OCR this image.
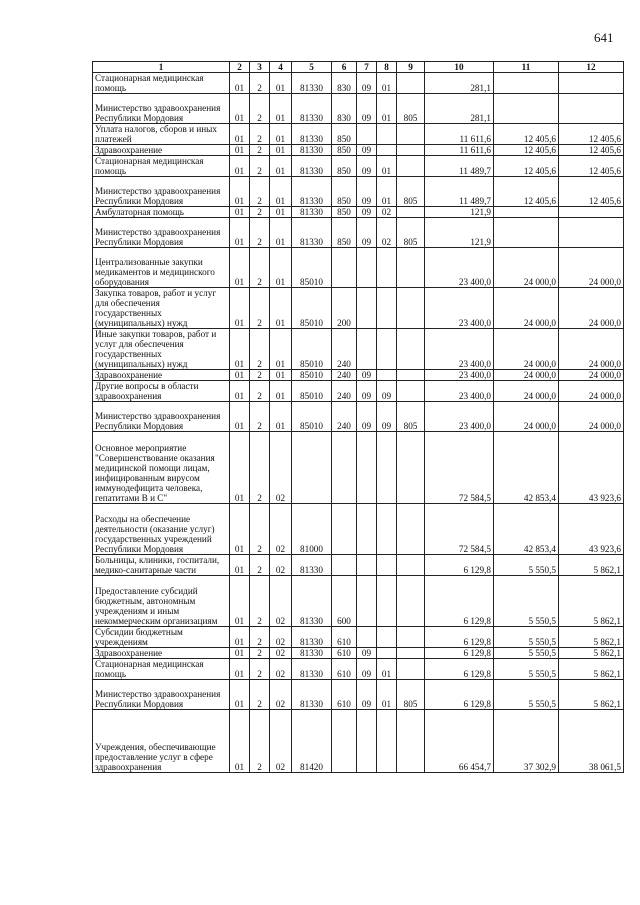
641
1	2	3	4	5	6	7	8	9	10	11	12
Стационарная медицинская помощь	01	2	01	81330	830	09	01		281,1		
Министерство здравоохранения Республики Мордовия	01	2	01	81330	830	09	01	805	281,1		
Уплата налогов, сборов и иных платежей	01	2	01	81330	850				11 611,6	12 405,6	12 405,6
Здравоохранение	01	2	01	81330	850	09			11 611,6	12 405,6	12 405,6
Стационарная медицинская помощь	01	2	01	81330	850	09	01		11 489,7	12 405,6	12 405,6
Министерство здравоохранения Республики Мордовия	01	2	01	81330	850	09	01	805	11 489,7	12 405,6	12 405,6
Амбулаторная помощь	01	2	01	81330	850	09	02		121,9		
Министерство здравоохранения Республики Мордовия	01	2	01	81330	850	09	02	805	121,9		
Централизованные закупки медикаментов и медицинского оборудования	01	2	01	85010					23 400,0	24 000,0	24 000,0
Закупка товаров, работ и услуг для обеспечения государственных (муниципальных) нужд	01	2	01	85010	200				23 400,0	24 000,0	24 000,0
Иные закупки товаров, работ и услуг для обеспечения государственных (муниципальных) нужд	01	2	01	85010	240				23 400,0	24 000,0	24 000,0
Здравоохранение	01	2	01	85010	240	09			23 400,0	24 000,0	24 000,0
Другие вопросы в области здравоохранения	01	2	01	85010	240	09	09		23 400,0	24 000,0	24 000,0
Министерство здравоохранения Республики Мордовия	01	2	01	85010	240	09	09	805	23 400,0	24 000,0	24 000,0
Основное мероприятие "Совершенствование оказания медицинской помощи лицам, инфицированным вирусом иммунодефицита человека, гепатитами В и С"	01	2	02						72 584,5	42 853,4	43 923,6
Расходы на обеспечение деятельности (оказание услуг) государственных учреждений Республики Мордовия	01	2	02	81000					72 584,5	42 853,4	43 923,6
Больницы, клиники, госпитали, медико-санитарные части	01	2	02	81330					6 129,8	5 550,5	5 862,1
Предоставление субсидий бюджетным, автономным учреждениям и иным некоммерческим организациям	01	2	02	81330	600				6 129,8	5 550,5	5 862,1
Субсидии бюджетным учреждениям	01	2	02	81330	610				6 129,8	5 550,5	5 862,1
Здравоохранение	01	2	02	81330	610	09			6 129,8	5 550,5	5 862,1
Стационарная медицинская помощь	01	2	02	81330	610	09	01		6 129,8	5 550,5	5 862,1
Министерство здравоохранения Республики Мордовия	01	2	02	81330	610	09	01	805	6 129,8	5 550,5	5 862,1
Учреждения, обеспечивающие предоставление услуг в сфере здравоохранения	01	2	02	81420					66 454,7	37 302,9	38 061,5
